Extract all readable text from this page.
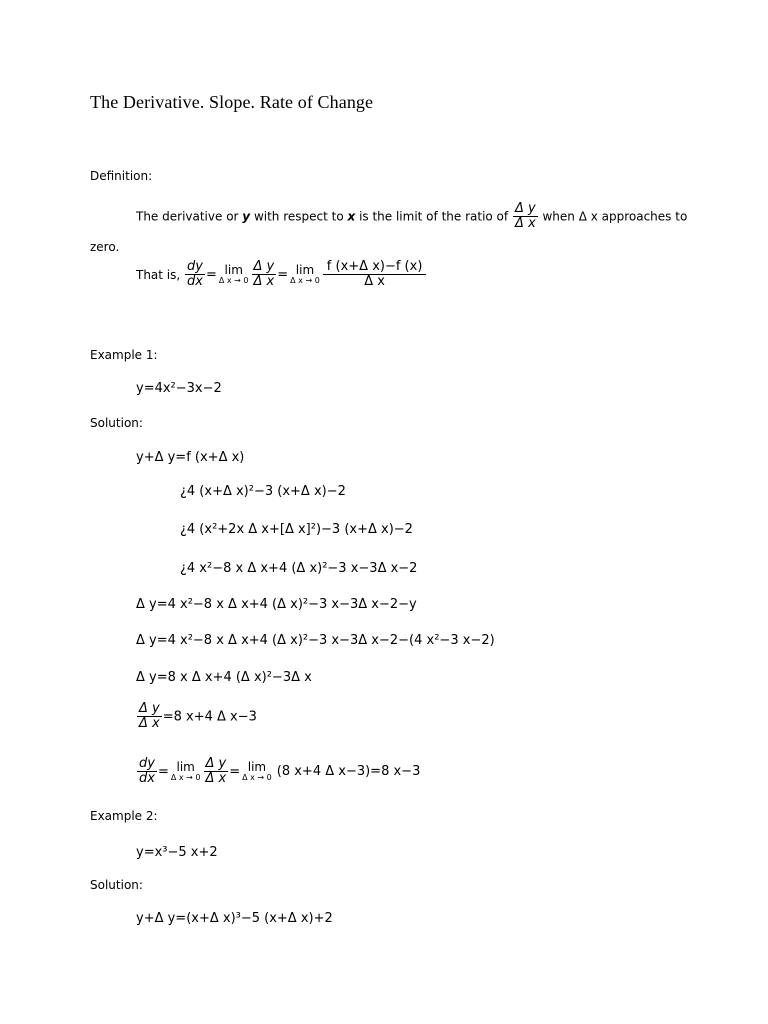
The Derivative. Slope. Rate of Change
Definition:
The derivative or y with respect to x is the limit of the ratio of $\frac{\text{Δ y}}{\text{Δ x}}$ when Δ x approaches to
zero.
That is, $\frac{dy}{dx} = \lim$
Δ $x \to 0 \frac{\text{Δ y}}{\text{Δ x}} = \lim$
Δ $x \to 0 \frac{\text{f (x+Δ x)−f (x)}}{\text{Δ x}}$
Example 1:
y=4x²−3x−2
Solution:
y+Δ y=f (x+Δ x)
¿4 (x+Δ x)²−3 (x+Δ x)−2
¿4 (x²+2x Δ x+[Δ x]²)−3 (x+Δ x)−2
¿4 x²−8 x Δ x+4 (Δ x)²−3 x−3Δ x−2
Δ y=4 x²−8 x Δ x+4 (Δ x)²−3 x−3Δ x−2−y
Δ y=4 x²−8 x Δ x+4 (Δ x)²−3 x−3Δ x−2−(4 x²−3 x−2)
Δ y=8 x Δ x+4 (Δ x)²−3Δ x
$\frac{\text{Δ y}}{\text{Δ x}} =8$ x+4 Δ x−3
$\frac{dy}{dx} = \lim$
Δ $x \to 0 \frac{\text{Δ y}}{\text{Δ x}} = \lim$
Δ x → 0 (8 x+4 Δ x−3)=8 x−3
Example 2:
y=x³−5 x+2
Solution:
y+Δ y=(x+Δ x)³−5 (x+Δ x)+2
